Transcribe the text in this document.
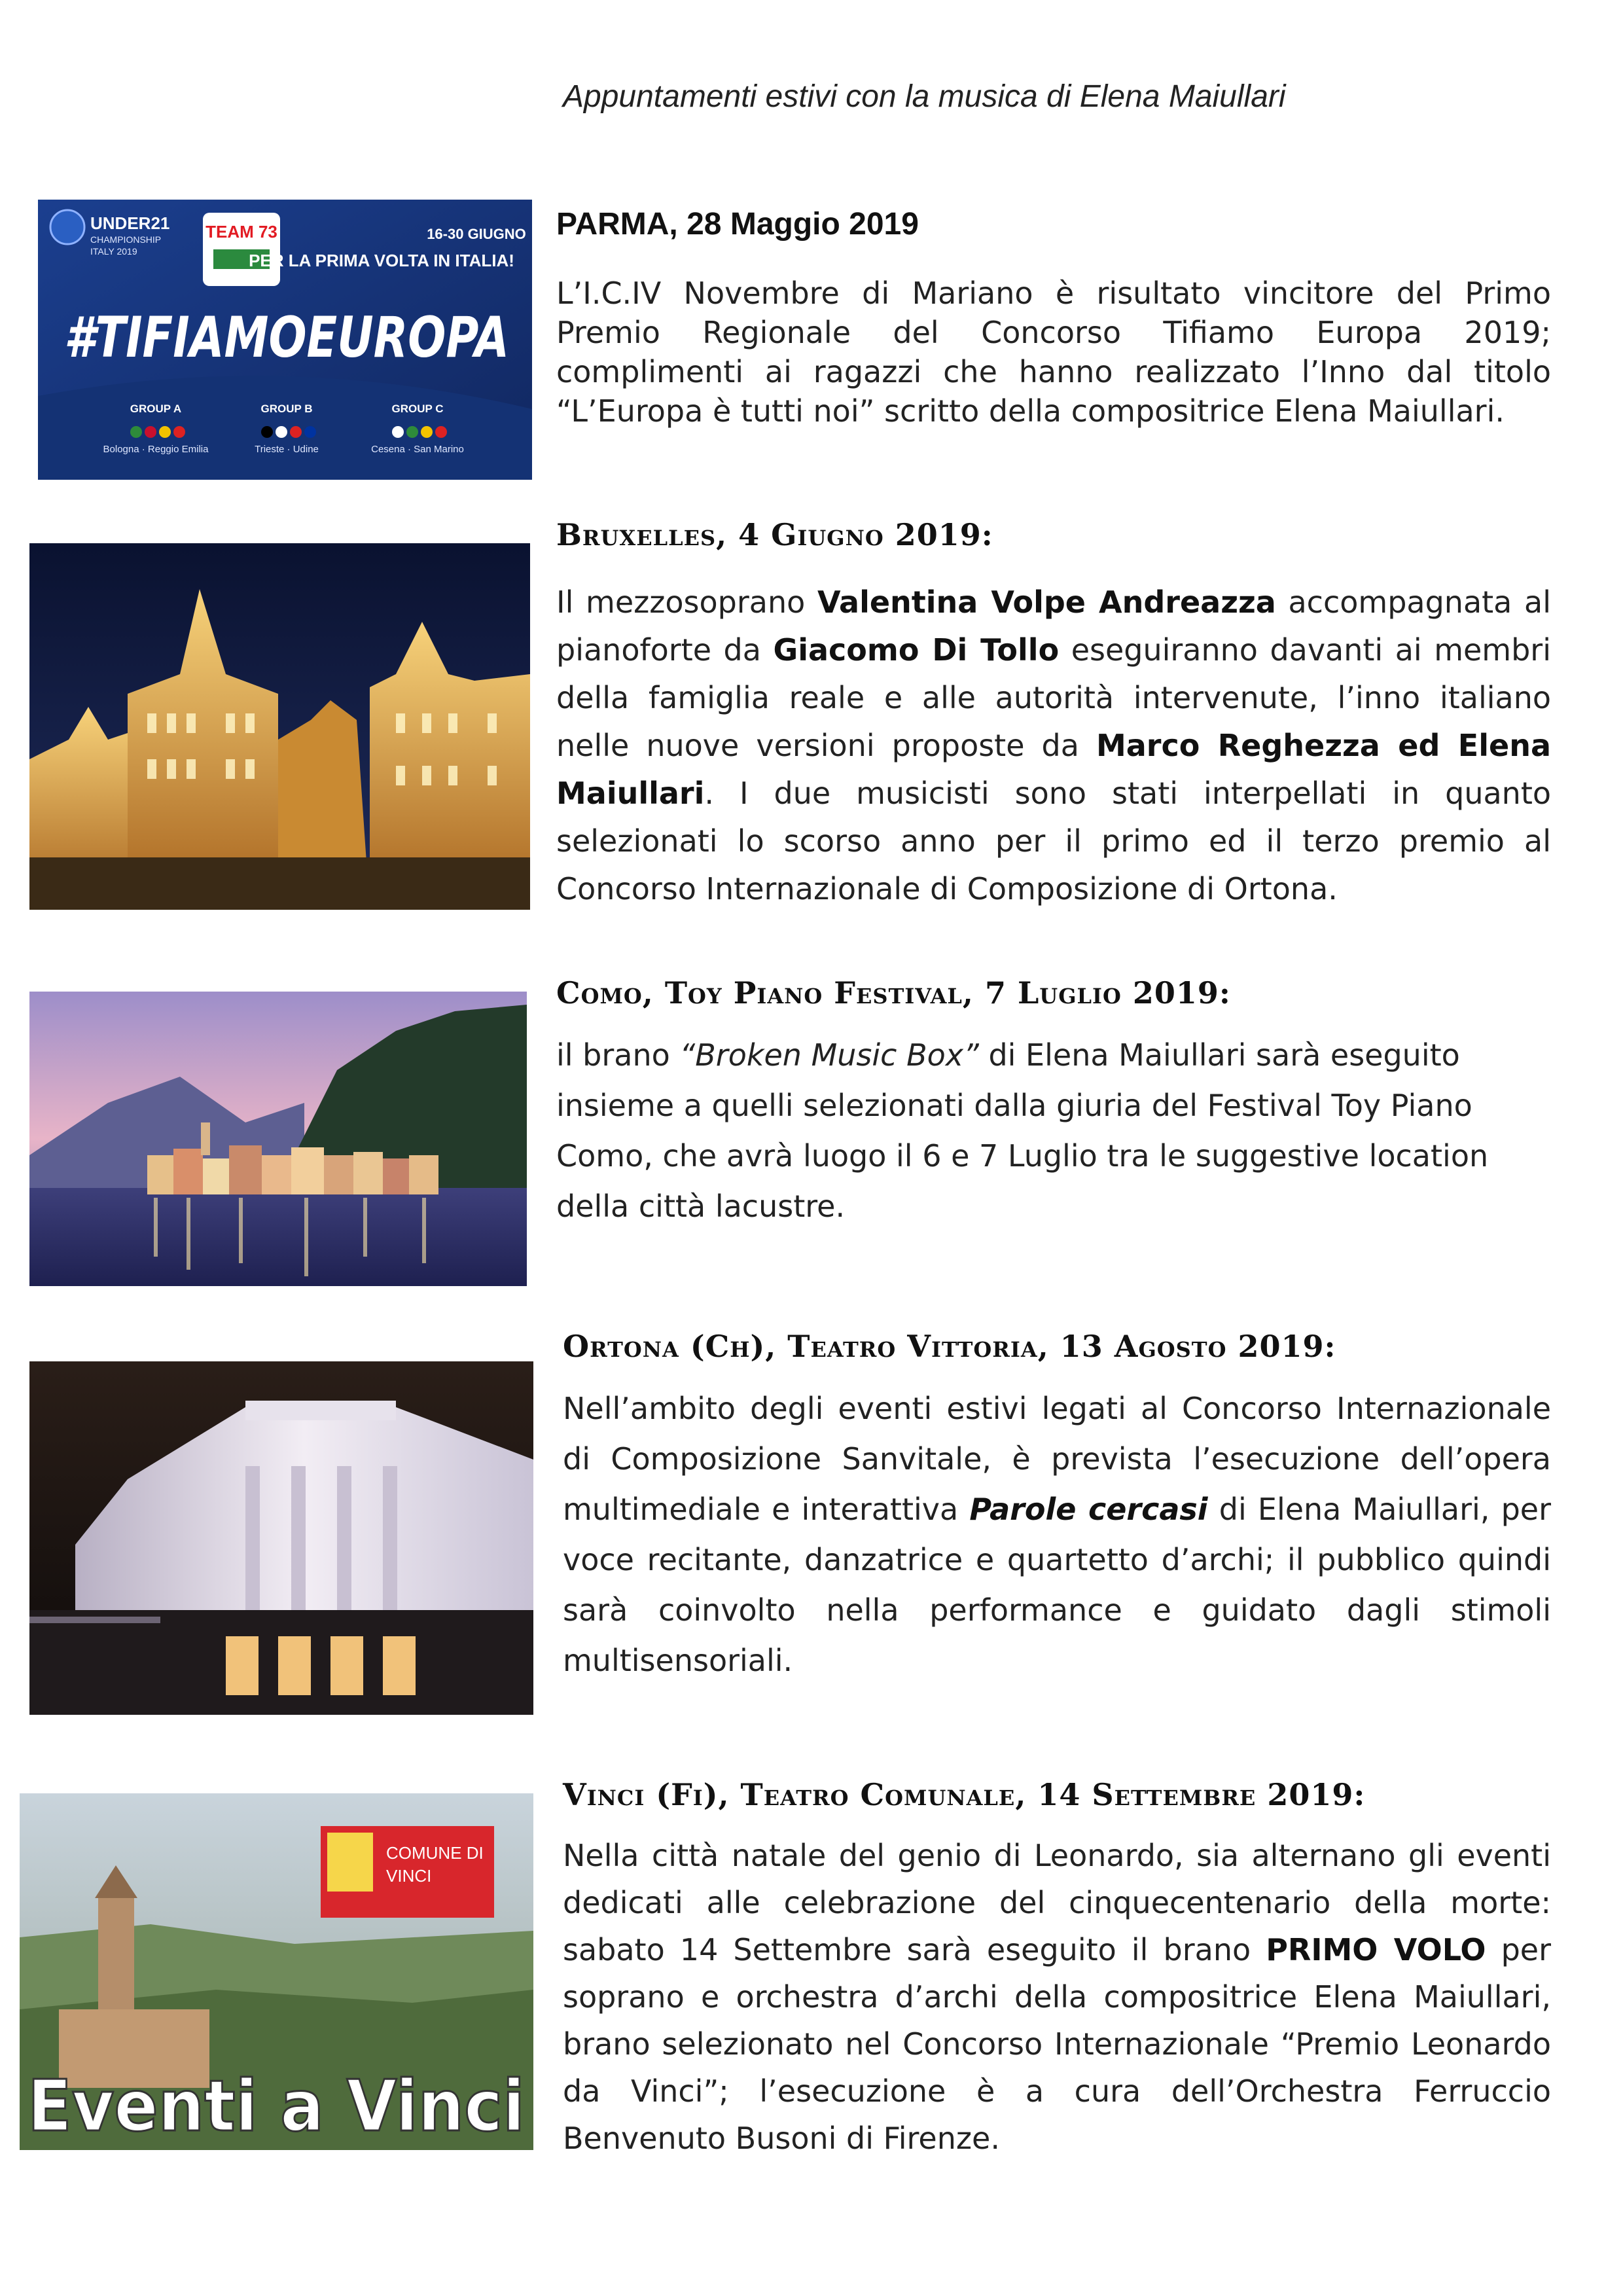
Appuntamenti estivi con la musica di Elena Maiullari
UNDER21
CHAMPIONSHIP
ITALY 2019
TEAM 73	16-30 GIUGNO
PER LA PRIMA VOLTA IN ITALIA!
#TIFIAMOEUROPA
GROUP A	GROUP B	GROUP C
Bologna · Reggio Emilia	Trieste · Udine	Cesena · San Marino
PARMA, 28 Maggio 2019
L’I.C.IV Novembre di Mariano è risultato vincitore del Primo Premio Regionale del Concorso Tifiamo Europa 2019; complimenti ai ragazzi che hanno realizzato l’Inno dal titolo “L’Europa è tutti noi” scritto della compositrice Elena Maiullari.
Bruxelles, 4 Giugno 2019:
Il mezzosoprano Valentina Volpe Andreazza accompagnata al pianoforte da Giacomo Di Tollo eseguiranno davanti ai membri della famiglia reale e alle autorità intervenute, l’inno italiano nelle nuove versioni proposte da Marco Reghezza ed Elena Maiullari. I due musicisti sono stati interpellati in quanto selezionati lo scorso anno per il primo ed il terzo premio al Concorso Internazionale di Composizione di Ortona.
Como, Toy Piano Festival, 7 Luglio 2019:
il brano “Broken Music Box” di Elena Maiullari sarà eseguito insieme a quelli selezionati dalla giuria del Festival Toy Piano Como, che avrà luogo il 6 e 7 Luglio tra le suggestive location della città lacustre.
Ortona (Ch), Teatro Vittoria, 13 Agosto 2019:
Nell’ambito degli eventi estivi legati al Concorso Internazionale di Composizione Sanvitale, è prevista l’esecuzione dell’opera multimediale e interattiva Parole cercasi di Elena Maiullari, per voce recitante, danzatrice e quartetto d’archi; il pubblico quindi sarà coinvolto nella performance e guidato dagli stimoli multisensoriali.
COMUNE DI
VINCI
Eventi a Vinci
Vinci (Fi), Teatro Comunale, 14 Settembre 2019:
Nella città natale del genio di Leonardo, sia alternano gli eventi dedicati alle celebrazione del cinquecentenario della morte: sabato 14 Settembre sarà eseguito il brano PRIMO VOLO per soprano e orchestra d’archi della compositrice Elena Maiullari, brano selezionato nel Concorso Internazionale “Premio Leonardo da Vinci”; l’esecuzione è a cura dell’Orchestra Ferruccio Benvenuto Busoni di Firenze.
